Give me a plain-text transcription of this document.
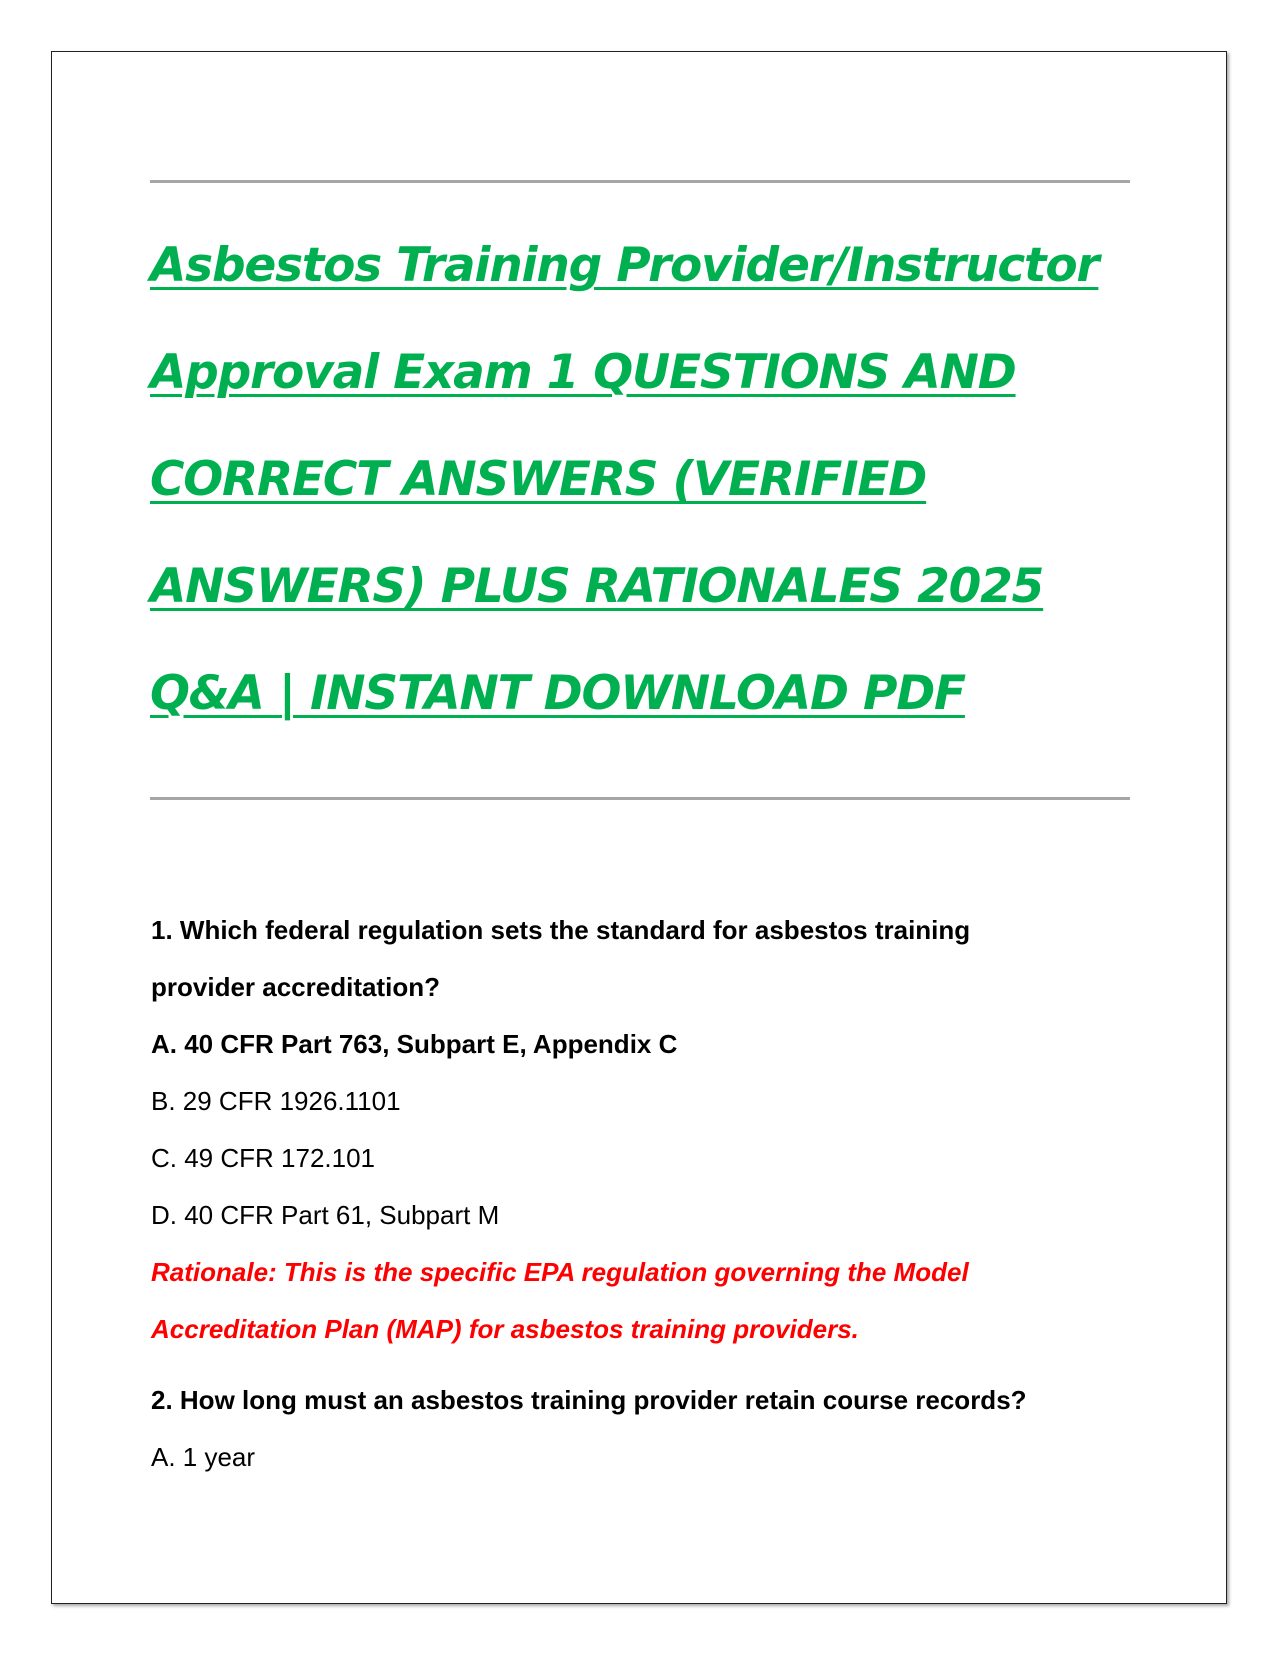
Asbestos Training Provider/Instructor Approval Exam 1 QUESTIONS AND CORRECT ANSWERS (VERIFIED ANSWERS) PLUS RATIONALES 2025 Q&A | INSTANT DOWNLOAD PDF

1. Which federal regulation sets the standard for asbestos training

provider accreditation?

A. 40 CFR Part 763, Subpart E, Appendix C

B. 29 CFR 1926.1101

C. 49 CFR 172.101

D. 40 CFR Part 61, Subpart M

Rationale: This is the specific EPA regulation governing the Model

Accreditation Plan (MAP) for asbestos training providers.

2. How long must an asbestos training provider retain course records?

A. 1 year
